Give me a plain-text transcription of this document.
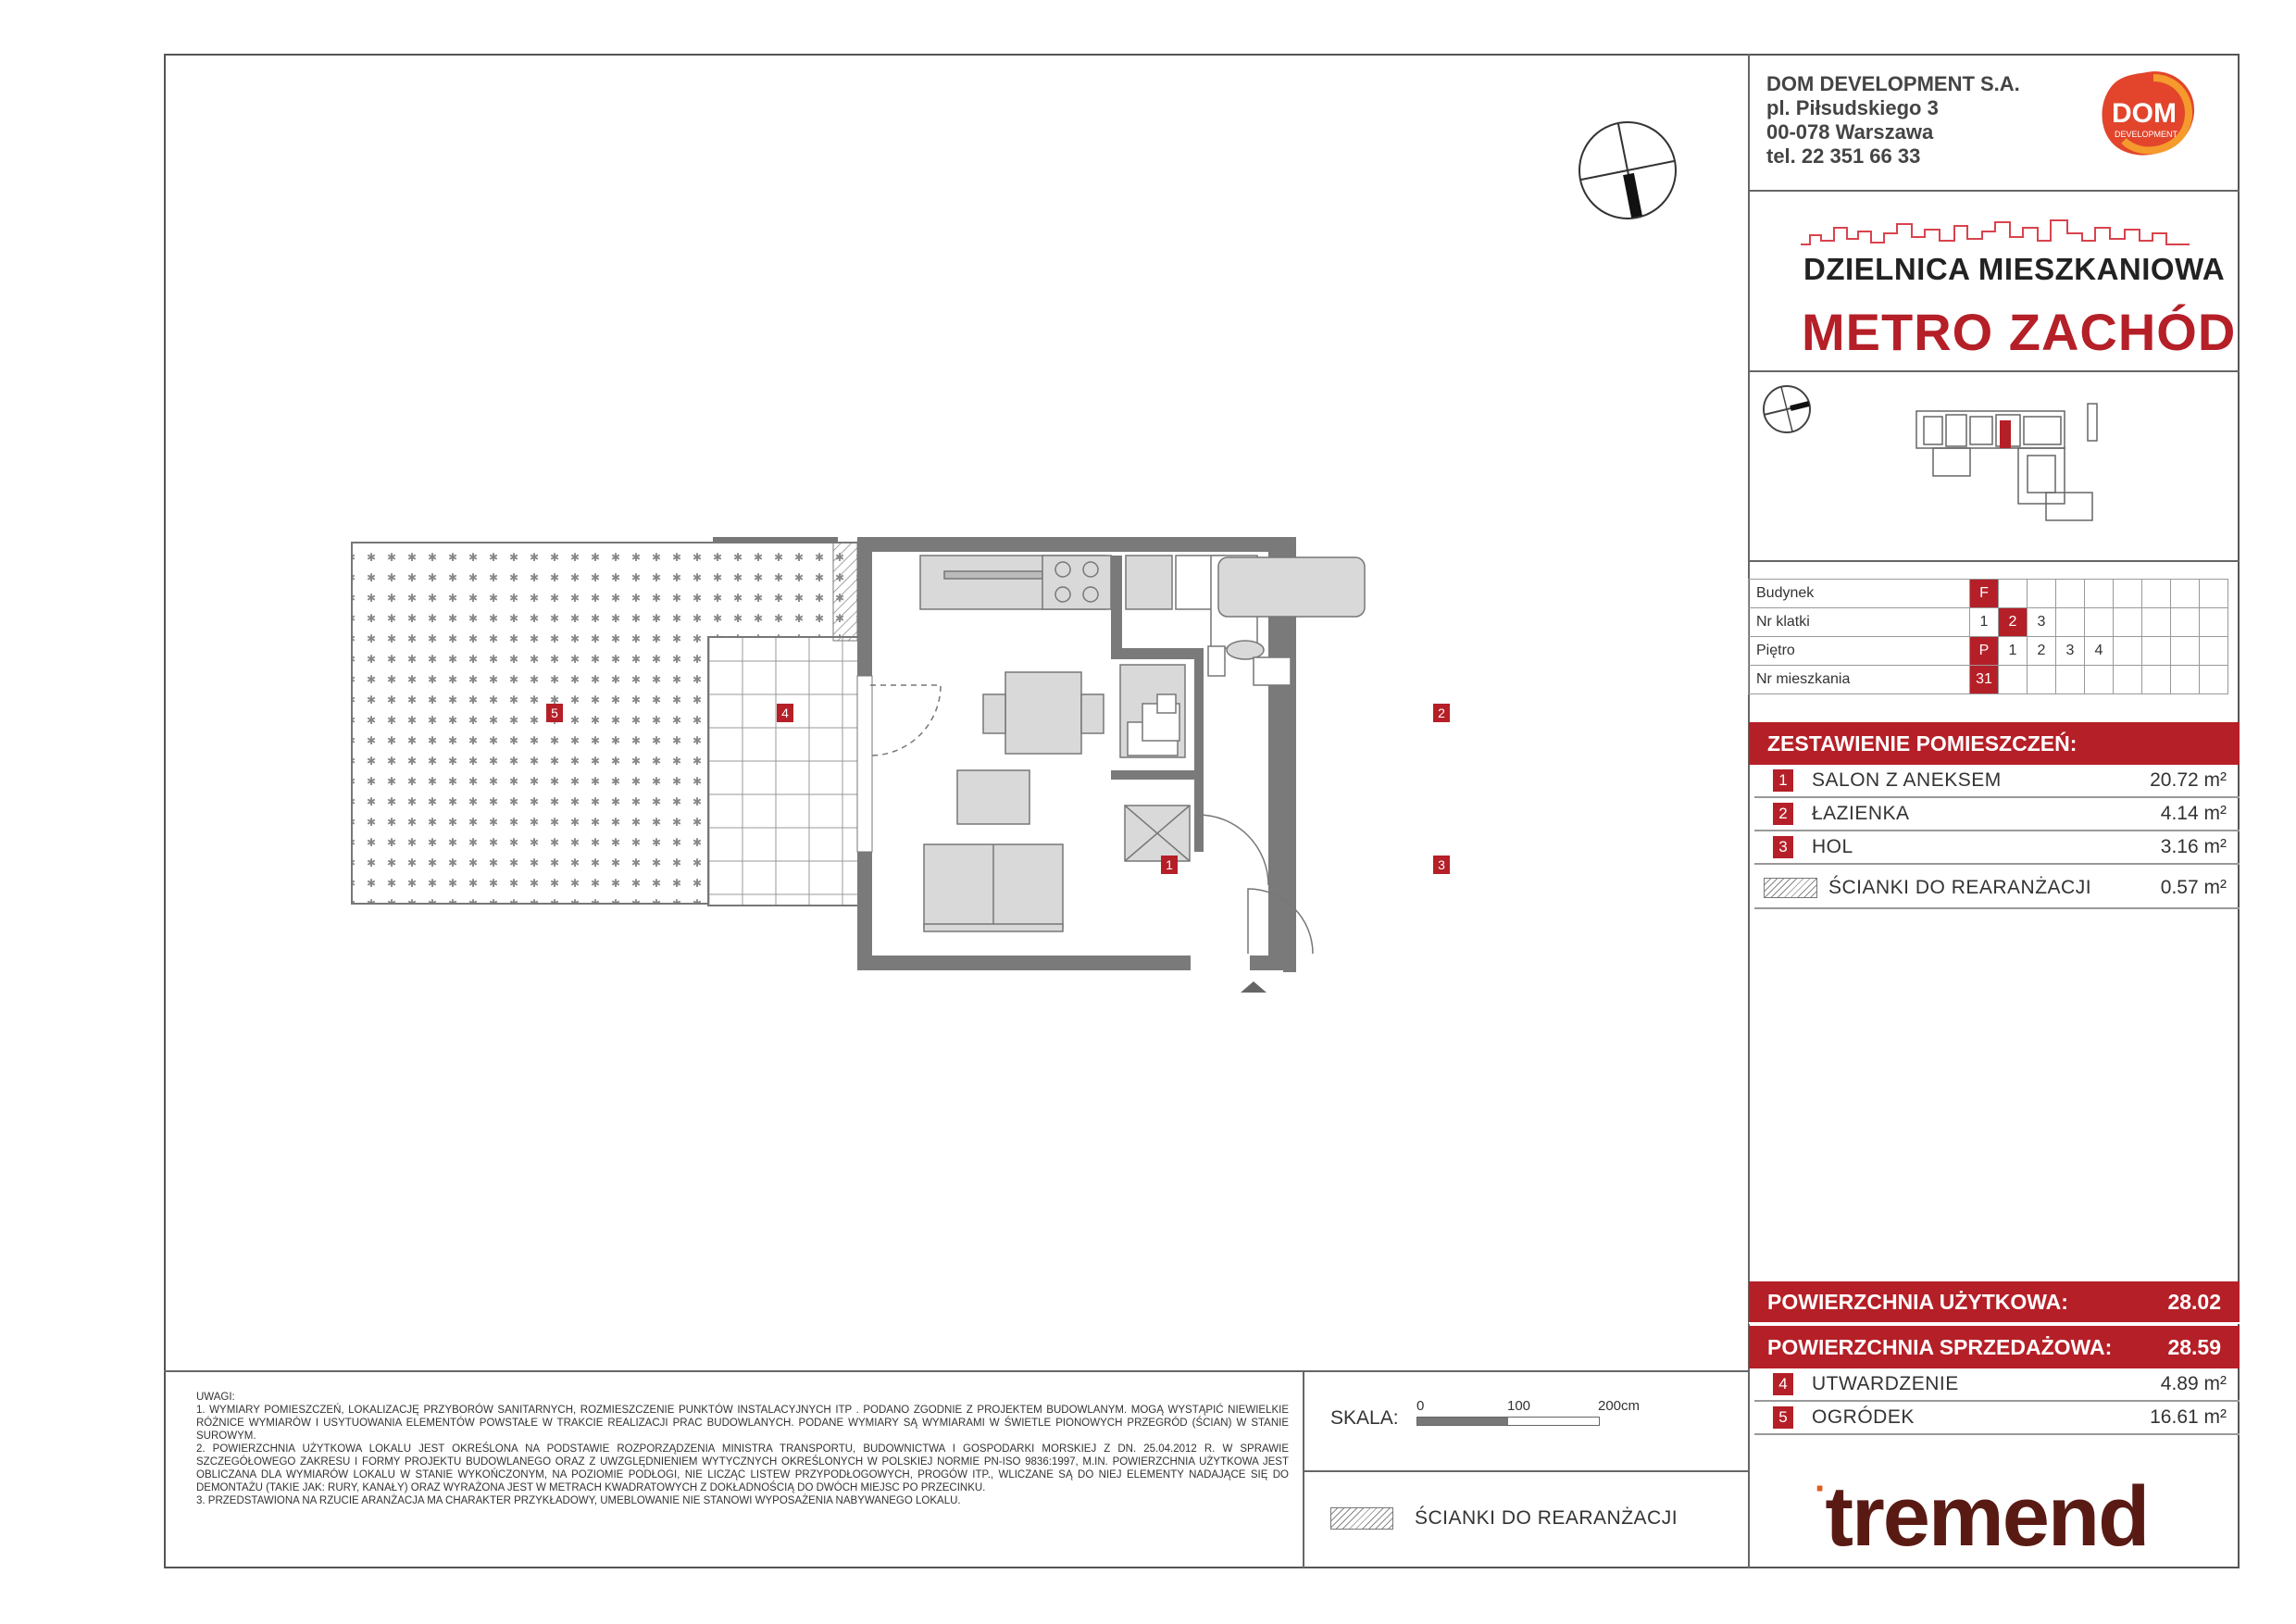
DOM DEVELOPMENT S.A.
pl. Piłsudskiego 3
00-078 Warszawa
tel. 22 351 66 33
DOM
DEVELOPMENT
DZIELNICA MIESZKANIOWA
METRO ZACHÓD
Budynek	F								
Nr klatki	1	2	3						
Piętro	P	1	2	3	4				
Nr mieszkania	31								
ZESTAWIENIE POMIESZCZEŃ:
1 SALON Z ANEKSEM	20.72 m²
2 ŁAZIENKA	4.14 m²
3 HOL	3.16 m²
ŚCIANKI DO REARANŻACJI	0.57 m²
POWIERZCHNIA UŻYTKOWA:	28.02
POWIERZCHNIA SPRZEDAŻOWA:	28.59
4 UTWARDZENIE	4.89 m²
5 OGRÓDEK	16.61 m²
·tremend
UWAGI:
1. WYMIARY POMIESZCZEŃ, LOKALIZACJĘ PRZYBORÓW SANITARNYCH, ROZMIESZCZENIE PUNKTÓW INSTALACYJNYCH ITP . PODANO ZGODNIE Z PROJEKTEM BUDOWLANYM. MOGĄ WYSTĄPIĆ NIEWIELKIE RÓŻNICE WYMIARÓW I USYTUOWANIA ELEMENTÓW POWSTAŁE W TRAKCIE REALIZACJI PRAC BUDOWLANYCH. PODANE WYMIARY SĄ WYMIARAMI W ŚWIETLE PIONOWYCH PRZEGRÓD (ŚCIAN) W STANIE SUROWYM.
2. POWIERZCHNIA UŻYTKOWA LOKALU JEST OKREŚLONA NA PODSTAWIE ROZPORZĄDZENIA MINISTRA TRANSPORTU, BUDOWNICTWA I GOSPODARKI MORSKIEJ Z DN. 25.04.2012 R. W SPRAWIE SZCZEGÓŁOWEGO ZAKRESU I FORMY PROJEKTU BUDOWLANEGO ORAZ Z UWZGLĘDNIENIEM WYTYCZNYCH OKREŚLONYCH W POLSKIEJ NORMIE PN-ISO 9836:1997, M.IN. POWIERZCHNIA UŻYTKOWA JEST OBLICZANA DLA WYMIARÓW LOKALU W STANIE WYKOŃCZONYM, NA POZIOMIE PODŁOGI, NIE LICZĄC LISTEW PRZYPODŁOGOWYCH, PROGÓW ITP., WLICZANE SĄ DO NIEJ ELEMENTY NADAJĄCE SIĘ DO DEMONTAŻU (TAKIE JAK: RURY, KANAŁY) ORAZ WYRAŻONA JEST W METRACH KWADRATOWYCH Z DOKŁADNOŚCIĄ DO DWÓCH MIEJSC PO PRZECINKU.
3. PRZEDSTAWIONA NA RZUCIE ARANŻACJA MA CHARAKTER PRZYKŁADOWY, UMEBLOWANIE NIE STANOWI WYPOSAŻENIA NABYWANEGO LOKALU.
SKALA:
0	100	200cm
ŚCIANKI DO REARANŻACJI
5	4
1
2
3
